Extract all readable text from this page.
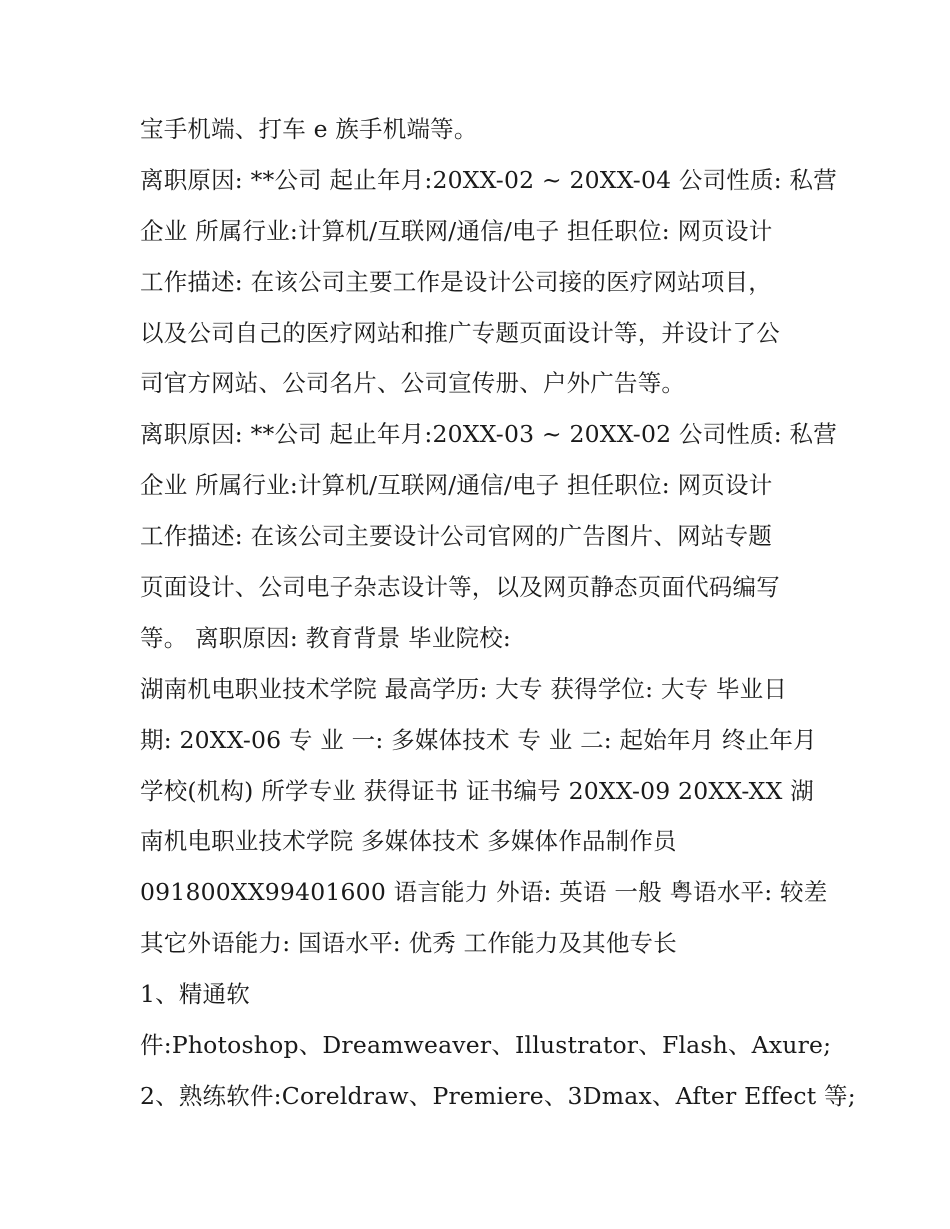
宝手机端、打车 e 族手机端等。
离职原因: **公司 起止年月:20XX-02 ~ 20XX-04 公司性质: 私营
企业 所属行业:计算机/互联网/通信/电子 担任职位: 网页设计
工作描述: 在该公司主要工作是设计公司接的医疗网站项目，
以及公司自己的医疗网站和推广专题页面设计等，并设计了公
司官方网站、公司名片、公司宣传册、户外广告等。
离职原因: **公司 起止年月:20XX-03 ~ 20XX-02 公司性质: 私营
企业 所属行业:计算机/互联网/通信/电子 担任职位: 网页设计
工作描述: 在该公司主要设计公司官网的广告图片、网站专题
页面设计、公司电子杂志设计等，以及网页静态页面代码编写
等。 离职原因: 教育背景 毕业院校:
湖南机电职业技术学院 最高学历: 大专 获得学位: 大专 毕业日
期: 20XX-06 专 业 一: 多媒体技术 专 业 二: 起始年月 终止年月
学校(机构) 所学专业 获得证书 证书编号 20XX-09 20XX-XX 湖
南机电职业技术学院 多媒体技术 多媒体作品制作员
091800XX99401600 语言能力 外语: 英语 一般 粤语水平: 较差
其它外语能力: 国语水平: 优秀 工作能力及其他专长
1、精通软
件:Photoshop、Dreamweaver、Illustrator、Flash、Axure;
2、熟练软件:Coreldraw、Premiere、3Dmax、After Effect 等;
